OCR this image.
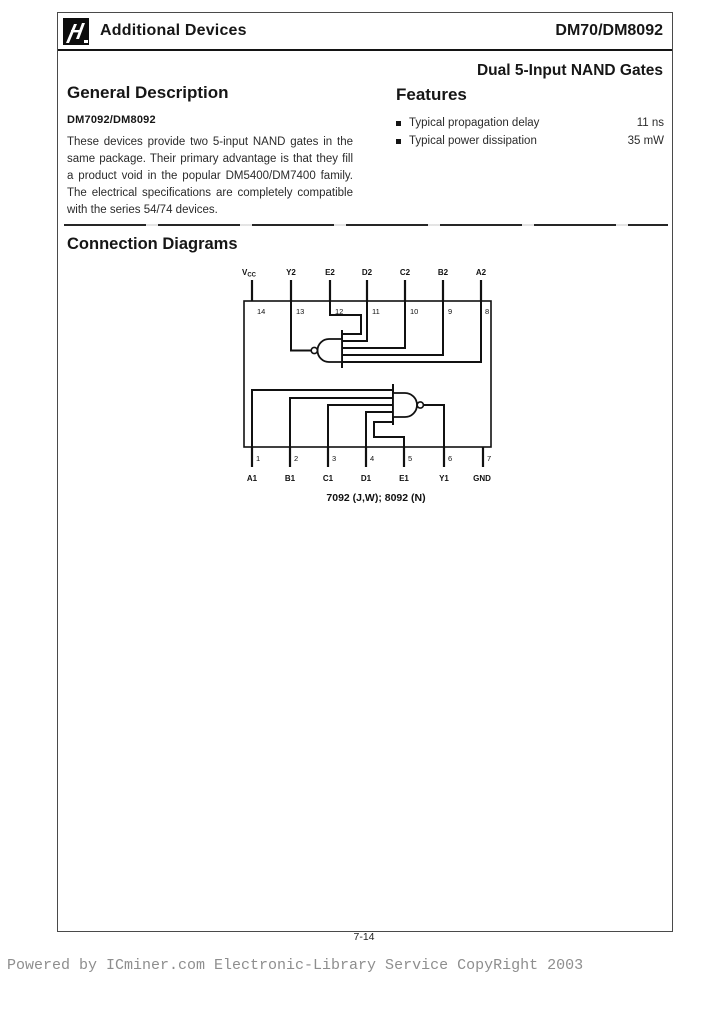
Additional Devices	DM70/DM8092
Dual 5-Input NAND Gates
General Description
DM7092/DM8092

These devices provide two 5-input NAND gates in the same package. Their primary advantage is that they fill a product void in the popular DM5400/DM7400 family. The electrical specifications are completely compatible with the series 54/74 devices.

Features
Typical propagation delay	11 ns
Typical power dissipation	35 mW
Connection Diagrams
VCC	Y2	E2	D2	C2	B2	A2
14	13	12	11	10	9	8
1	2	3	4	5	6	7
A1	B1	C1	D1	E1	Y1	GND
7092 (J,W); 8092 (N)
7-14
Powered by ICminer.com Electronic-Library Service CopyRight 2003
